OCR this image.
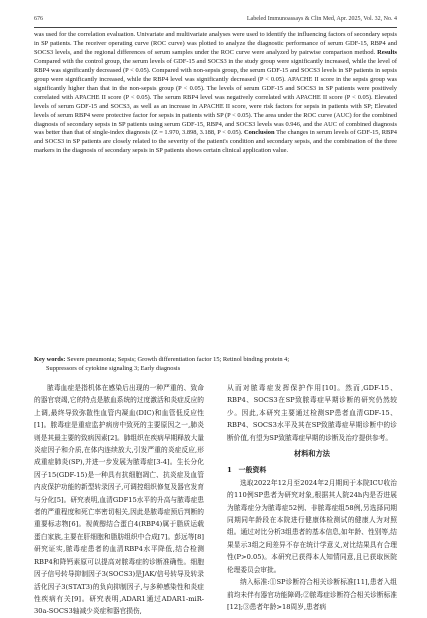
676	Labeled Immunoassays & Clin Med, Apr. 2025, Vol. 32, No. 4

was used for the correlation evaluation. Univariate and multivariate analyses were used to identify the influencing factors of secondary sepsis in SP patients. The receiver operating curve (ROC curve) was plotted to analyze the diagnostic performance of serum GDF-15, RBP4 and SOCS3 levels, and the regional differences of serum samples under the ROC curve were analyzed by pairwise comparison method. Results Compared with the control group, the serum levels of GDF-15 and SOCS3 in the study group were significantly increased, while the level of RBP4 was significantly decreased (P < 0.05). Compared with non-sepsis group, the serum GDF-15 and SOCS3 levels in SP patients in sepsis group were significantly increased, while the RBP4 level was significantly decreased (P < 0.05). APACHE II score in the sepsis group was significantly higher than that in the non-sepsis group (P < 0.05). The levels of serum GDF-15 and SOCS3 in SP patients were positively correlated with APACHE II score (P < 0.05). The serum RBP4 level was negatively correlated with APACHE II score (P < 0.05). Elevated levels of serum GDF-15 and SOCS3, as well as an increase in APACHE II score, were risk factors for sepsis in patients with SP; Elevated levels of serum RBP4 were protective factor for sepsis in patients with SP (P < 0.05). The area under the ROC curve (AUC) for the combined diagnosis of secondary sepsis in SP patients using serum GDF-15, RBP4, and SOCS3 levels was 0.946, and the AUC of combined diagnosis was better than that of single-index diagnosis (Z = 1.970, 3.898, 3.188, P < 0.05). Conclusion The changes in serum levels of GDF-15, RBP4 and SOCS3 in SP patients are closely related to the severity of the patient's condition and secondary sepsis, and the combination of the three markers in the diagnosis of secondary sepsis in SP patients shows certain clinical application value.

Key words: Severe pneumonia; Sepsis; Growth differentiation factor 15; Retinol binding protein 4;
Suppressors of cytokine signaling 3; Early diagnosis

脓毒血症是指机体在感染后出现的一种严重的、致命的器官衰竭,它的特点是脓血系统的过度激活和炎症反应的上调,最终导致弥散性血管内凝血(DIC)和血管低反应性[1]。脓毒症是重症监护病房中致死的主要原因之一,肺炎则是其最主要的致病因素[2]。肺组织在疾病早期释放大量炎症因子和介质,在体内连续放大,引发严重的炎症反应,形成重症肺炎(SP),并进一步发展为脓毒症[3-4]。生长分化因子15(GDF-15)是一种具有抗细胞凋亡、抗炎症及血管内皮保护功能的新型转录因子,可调控组织修复及器官发育与分化[5]。研究表明,血清GDF15水平的升高与脓毒症患者的严重程度和死亡率密切相关,因此是脓毒症预后判断的重要标志物[6]。视黄醇结合蛋白4(RBP4)属于脂质运载蛋白家族,主要在肝细胞和脂肪组织中合成[7]。彭远等[8]研究证实,脓毒症患者的血清RBP4水平降低,结合检测RBP4和降钙素原可以提高对脓毒症的诊断准确性。细胞因子信号转导抑制因子3(SOCS3)是JAK/信号转导及转录活化因子3(STAT3)的负向抑制因子,与多种感染性和炎症性疾病有关[9]。研究表明,ADAR1通过ADAR1-miR-30a-SOCS3轴减少炎症和器官损伤,

从而对脓毒症发挥保护作用[10]。然而,GDF-15、RBP4、SOCS3在SP致脓毒症早期诊断的研究仍然较少。因此,本研究主要通过检测SP患者血清GDF-15、RBP4、SOCS3水平及其在SP致脓毒症早期诊断中的诊断价值,有望为SP致脓毒症早期的诊断及治疗提供参考。

材料和方法
1　一般资料

选取2022年12月至2024年2月期间于本院ICU收治的110例SP患者为研究对象,根据其人院24h内是否进展为脓毒症分为脓毒症52例、非脓毒症组58例,另选择同期同期同年龄段在本院进行健康体检测试的健康人为对照组。通过对比分析3组患者的基本信息,如年龄、性别等,结果显示3组之间差异不存在统计学意义,对比结果具有合理性(P>0.05)。本研究已获得本人知情同意,且已获取医院伦理委员会审批。

纳入标准:①SP诊断符合相关诊断标准[11],患者入组前均未伴有器官功能障碍;②脓毒症诊断符合相关诊断标准[12];③患者年龄>18周岁,患者病
